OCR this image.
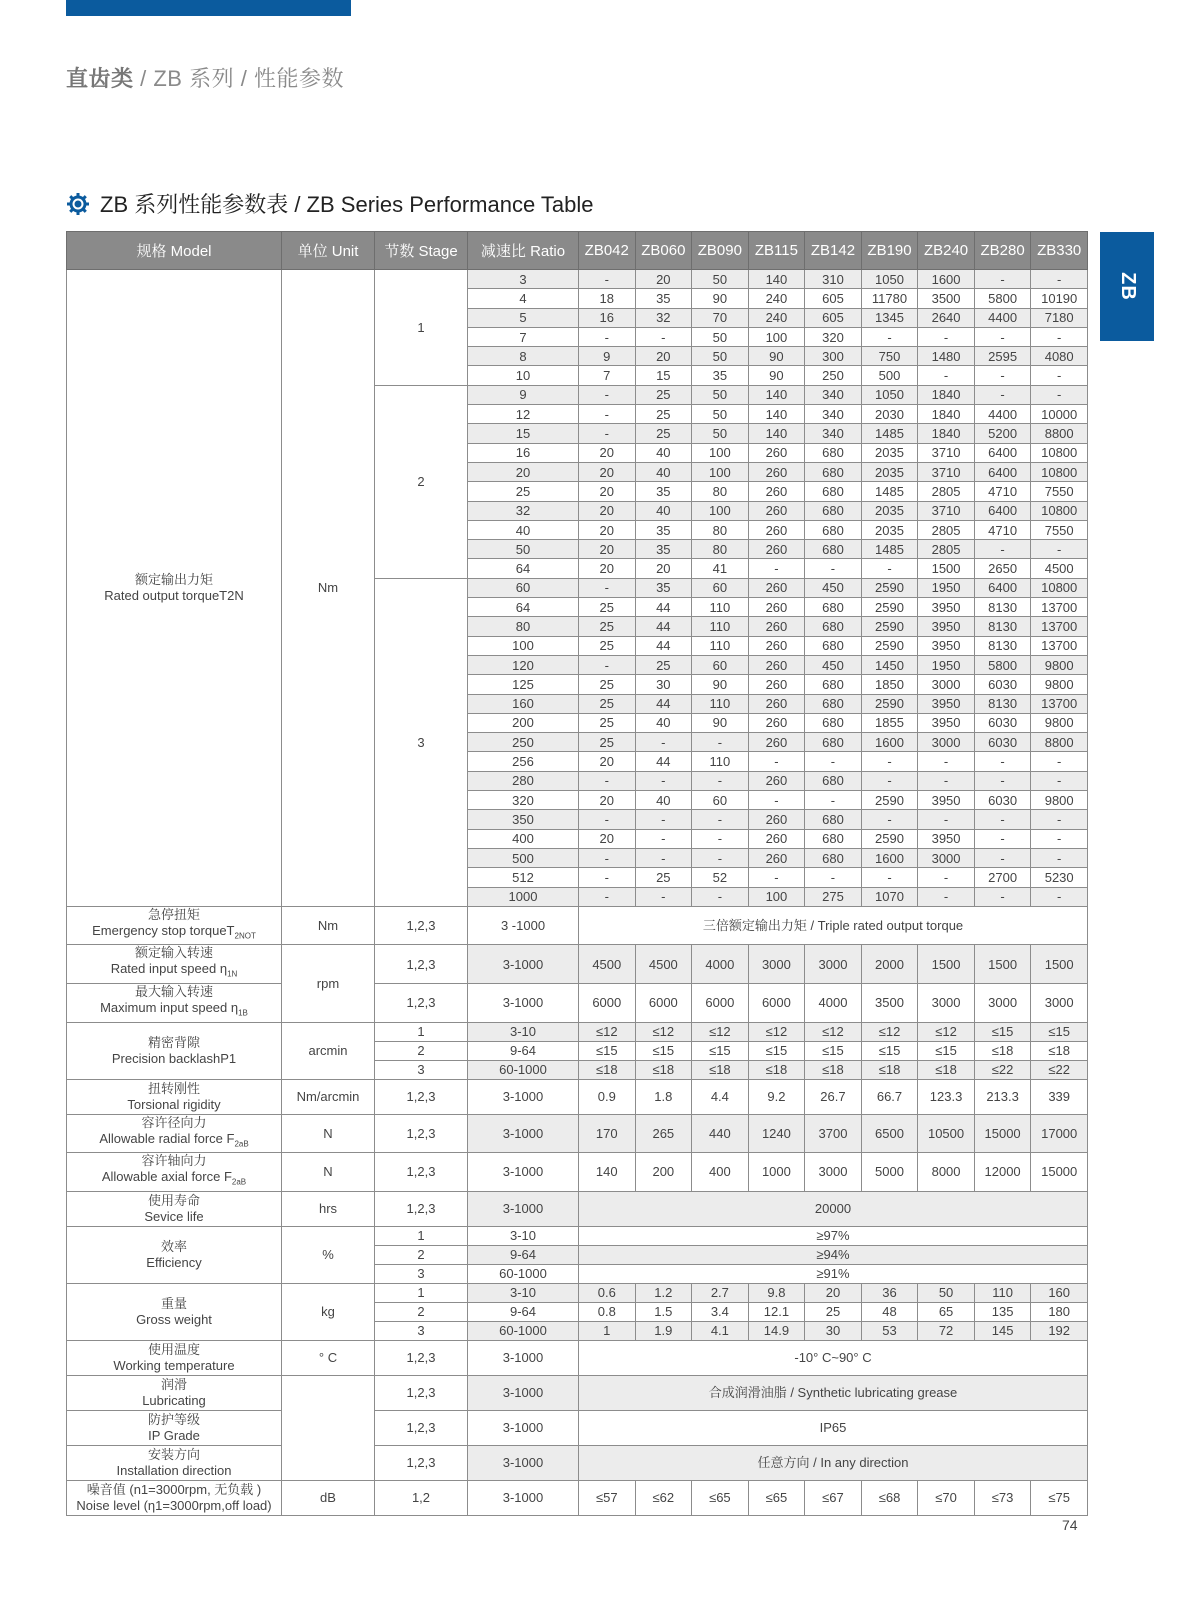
直齿类 / ZB 系列 / 性能参数
ZB 系列性能参数表 / ZB Series Performance Table
ZB
规格 Model	单位 Unit	节数 Stage	减速比 Ratio	ZB042	ZB060	ZB090	ZB115	ZB142	ZB190	ZB240	ZB280	ZB330

额定输出力矩
Rated output torqueT2N	Nm	1	3	-	20	50	140	310	1050	1600	-	-
			4	18	35	90	240	605	11780	3500	5800	10190
			5	16	32	70	240	605	1345	2640	4400	7180
			7	-	-	50	100	320	-	-	-	-
			8	9	20	50	90	300	750	1480	2595	4080
			10	7	15	35	90	250	500	-	-	-
		2	9	-	25	50	140	340	1050	1840	-	-
			12	-	25	50	140	340	2030	1840	4400	10000
			15	-	25	50	140	340	1485	1840	5200	8800
			16	20	40	100	260	680	2035	3710	6400	10800
			20	20	40	100	260	680	2035	3710	6400	10800
			25	20	35	80	260	680	1485	2805	4710	7550
			32	20	40	100	260	680	2035	3710	6400	10800
			40	20	35	80	260	680	2035	2805	4710	7550
			50	20	35	80	260	680	1485	2805	-	-
			64	20	20	41	-	-	-	1500	2650	4500
		3	60	-	35	60	260	450	2590	1950	6400	10800
			64	25	44	110	260	680	2590	3950	8130	13700
			80	25	44	110	260	680	2590	3950	8130	13700
			100	25	44	110	260	680	2590	3950	8130	13700
			120	-	25	60	260	450	1450	1950	5800	9800
			125	25	30	90	260	680	1850	3000	6030	9800
			160	25	44	110	260	680	2590	3950	8130	13700
			200	25	40	90	260	680	1855	3950	6030	9800
			250	25	-	-	260	680	1600	3000	6030	8800
			256	20	44	110	-	-	-	-	-	-
			280	-	-	-	260	680	-	-	-	-
			320	20	40	60	-	-	2590	3950	6030	9800
			350	-	-	-	260	680	-	-	-	-
			400	20	-	-	260	680	2590	3950	-	-
			500	-	-	-	260	680	1600	3000	-	-
			512	-	25	52	-	-	-	-	2700	5230
			1000	-	-	-	100	275	1070	-	-	-

急停扭矩
Emergency stop torqueT$_{2NOT}$	Nm	1,2,3	3 -1000	三倍额定输出力矩 / Triple rated output torque								

额定输入转速
Rated input speed $\eta_{1N}$	rpm	1,2,3	3-1000	4500	4500	4000	3000	3000	2000	1500	1500	1500

最大输入转速
Maximum input speed $\eta_{1B}$		1,2,3	3-1000	6000	6000	6000	6000	4000	3500	3000	3000	3000

精密背隙
Precision backlashP1	arcmin	1	3-10	≤12	≤12	≤12	≤12	≤12	≤12	≤12	≤15	≤15
		2	9-64	≤15	≤15	≤15	≤15	≤15	≤15	≤15	≤18	≤18
		3	60-1000	≤18	≤18	≤18	≤18	≤18	≤18	≤18	≤22	≤22

扭转刚性
Torsional rigidity	Nm/arcmin	1,2,3	3-1000	0.9	1.8	4.4	9.2	26.7	66.7	123.3	213.3	339

容许径向力
Allowable radial force $F_{2aB}$	N	1,2,3	3-1000	170	265	440	1240	3700	6500	10500	15000	17000

容许轴向力
Allowable axial force $F_{2aB}$	N	1,2,3	3-1000	140	200	400	1000	3000	5000	8000	12000	15000

使用寿命
Sevice life	hrs	1,2,3	3-1000	20000								

效率
Efficiency	%	1	3-10	≥97%								
		2	9-64	≥94%								
		3	60-1000	≥91%								

重量
Gross weight	kg	1	3-10	0.6	1.2	2.7	9.8	20	36	50	110	160
		2	9-64	0.8	1.5	3.4	12.1	25	48	65	135	180
		3	60-1000	1	1.9	4.1	14.9	30	53	72	145	192

使用温度
Working temperature	° C	1,2,3	3-1000	-10° C~90° C								

润滑
Lubricating		1,2,3	3-1000	合成润滑油脂 / Synthetic lubricating grease								

防护等级
IP Grade		1,2,3	3-1000	IP65								

安装方向
Installation direction		1,2,3	3-1000	任意方向 / In any direction								

噪音值 (n1=3000rpm, 无负载 )
Noise level (η1=3000rpm,off load)	dB	1,2	3-1000	≤57	≤62	≤65	≤65	≤67	≤68	≤70	≤73	≤75
74
